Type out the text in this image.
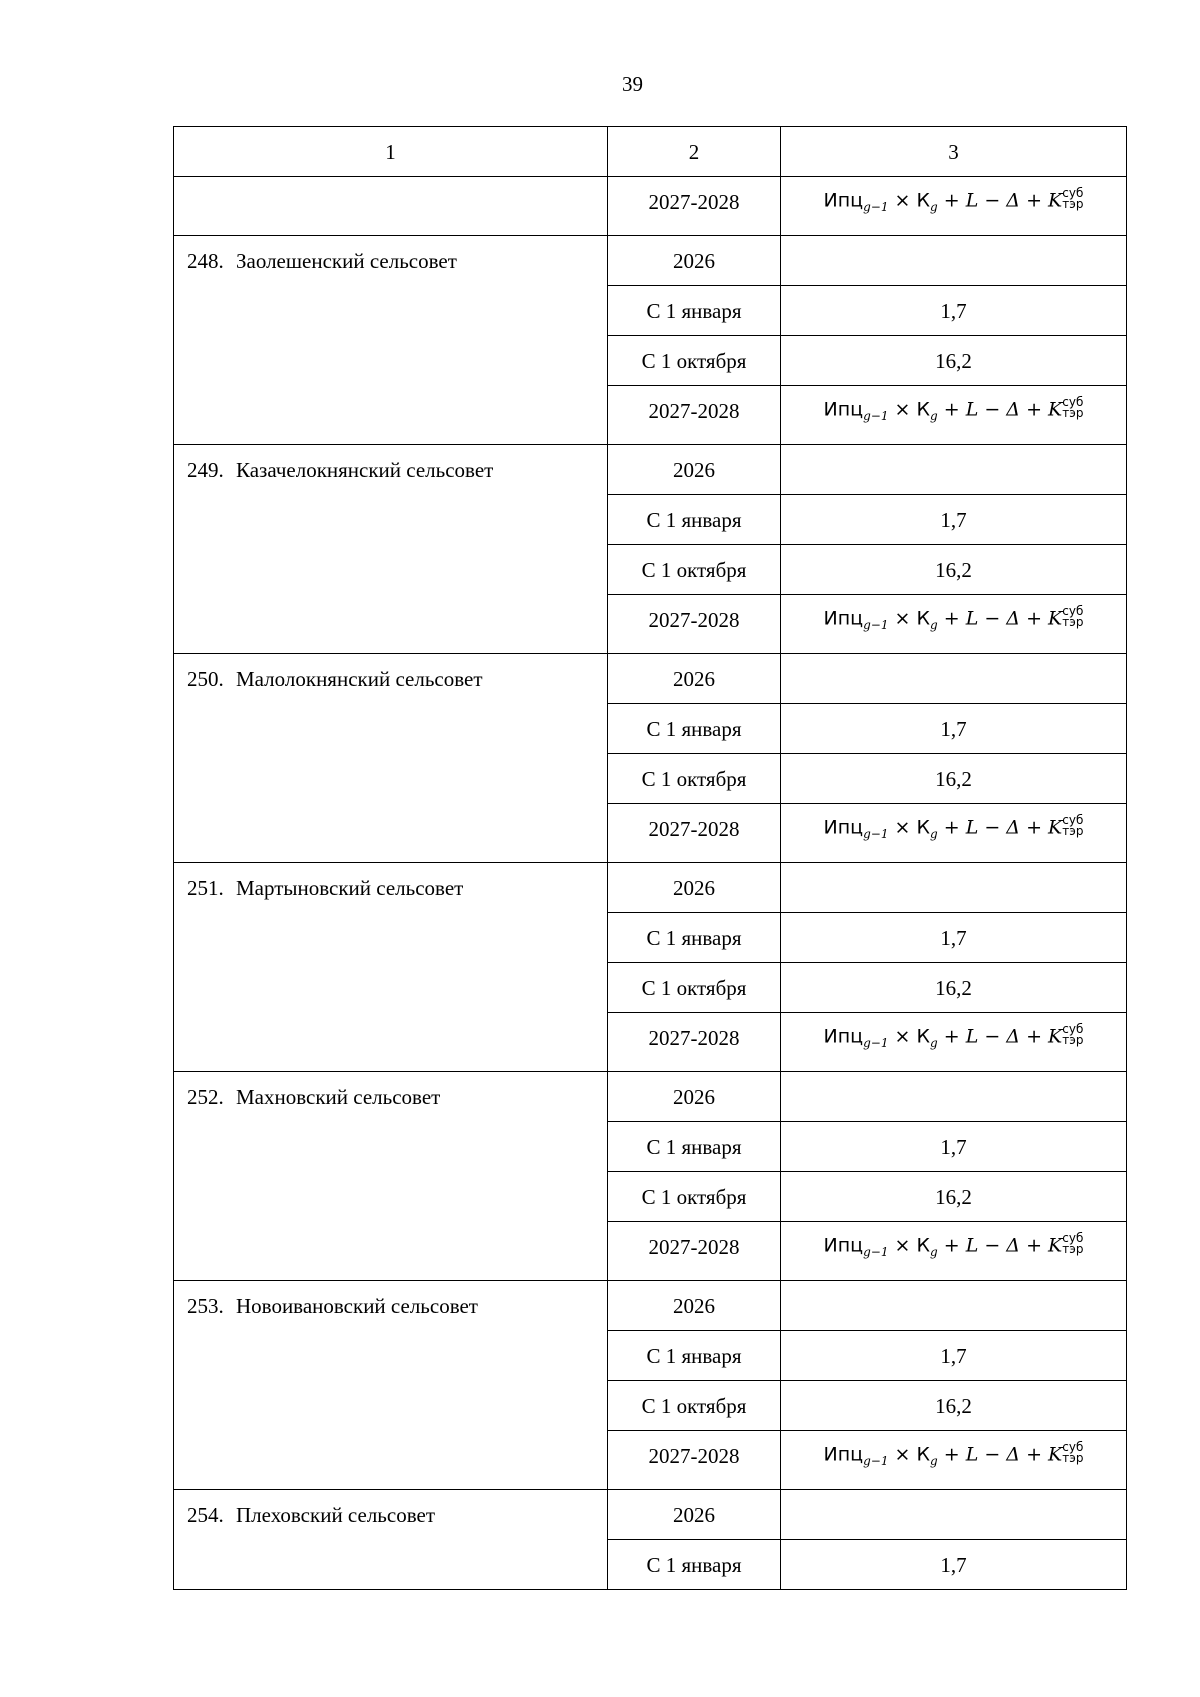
39
1	2	3
	2027-2028	$Ипц_{g-1} \times К_g + L - \Delta + K$ суб
тэр

248. Заолешенский сельсовет	2026	
	С 1 января	1,7
	С 1 октября	16,2
	2027-2028	$Ипц_{g-1} \times К_g + L - \Delta + K$ суб
тэр

249. Казачелокнянский сельсовет	2026	
	С 1 января	1,7
	С 1 октября	16,2
	2027-2028	$Ипц_{g-1} \times К_g + L - \Delta + K$ суб
тэр

250. Малолокнянский сельсовет	2026	
	С 1 января	1,7
	С 1 октября	16,2
	2027-2028	$Ипц_{g-1} \times К_g + L - \Delta + K$ суб
тэр

251. Мартыновский сельсовет	2026	
	С 1 января	1,7
	С 1 октября	16,2
	2027-2028	$Ипц_{g-1} \times К_g + L - \Delta + K$ суб
тэр

252. Махновский сельсовет	2026	
	С 1 января	1,7
	С 1 октября	16,2
	2027-2028	$Ипц_{g-1} \times К_g + L - \Delta + K$ суб
тэр

253. Новоивановский сельсовет	2026	
	С 1 января	1,7
	С 1 октября	16,2
	2027-2028	$Ипц_{g-1} \times К_g + L - \Delta + K$ суб
тэр

254. Плеховский сельсовет	2026	
	С 1 января	1,7
